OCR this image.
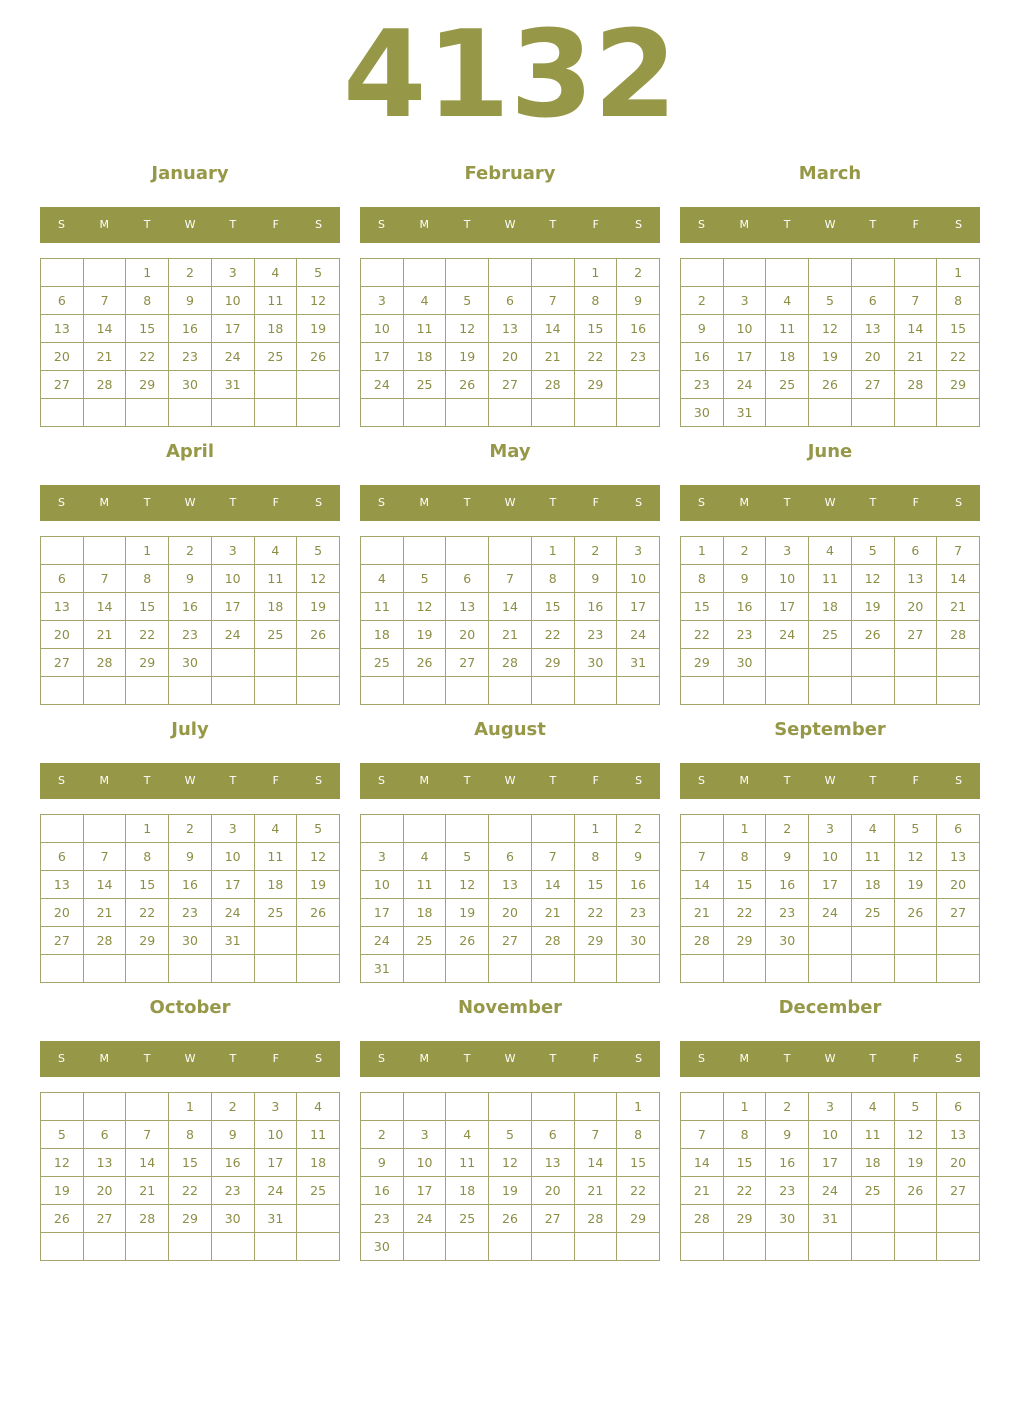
4132
January
S	M	T	W	T	F	S
		1	2	3	4	5
6	7	8	9	10	11	12
13	14	15	16	17	18	19
20	21	22	23	24	25	26
27	28	29	30	31		

February
S	M	T	W	T	F	S
					1	2
3	4	5	6	7	8	9
10	11	12	13	14	15	16
17	18	19	20	21	22	23
24	25	26	27	28	29	

March
S	M	T	W	T	F	S
						1
2	3	4	5	6	7	8
9	10	11	12	13	14	15
16	17	18	19	20	21	22
23	24	25	26	27	28	29
30	31					
April
S	M	T	W	T	F	S
		1	2	3	4	5
6	7	8	9	10	11	12
13	14	15	16	17	18	19
20	21	22	23	24	25	26
27	28	29	30			

May
S	M	T	W	T	F	S
				1	2	3
4	5	6	7	8	9	10
11	12	13	14	15	16	17
18	19	20	21	22	23	24
25	26	27	28	29	30	31

June
S	M	T	W	T	F	S
1	2	3	4	5	6	7
8	9	10	11	12	13	14
15	16	17	18	19	20	21
22	23	24	25	26	27	28
29	30					

July
S	M	T	W	T	F	S
		1	2	3	4	5
6	7	8	9	10	11	12
13	14	15	16	17	18	19
20	21	22	23	24	25	26
27	28	29	30	31		

August
S	M	T	W	T	F	S
					1	2
3	4	5	6	7	8	9
10	11	12	13	14	15	16
17	18	19	20	21	22	23
24	25	26	27	28	29	30
31						
September
S	M	T	W	T	F	S
	1	2	3	4	5	6
7	8	9	10	11	12	13
14	15	16	17	18	19	20
21	22	23	24	25	26	27
28	29	30				

October
S	M	T	W	T	F	S
			1	2	3	4
5	6	7	8	9	10	11
12	13	14	15	16	17	18
19	20	21	22	23	24	25
26	27	28	29	30	31	

November
S	M	T	W	T	F	S
						1
2	3	4	5	6	7	8
9	10	11	12	13	14	15
16	17	18	19	20	21	22
23	24	25	26	27	28	29
30						
December
S	M	T	W	T	F	S
	1	2	3	4	5	6
7	8	9	10	11	12	13
14	15	16	17	18	19	20
21	22	23	24	25	26	27
28	29	30	31			
